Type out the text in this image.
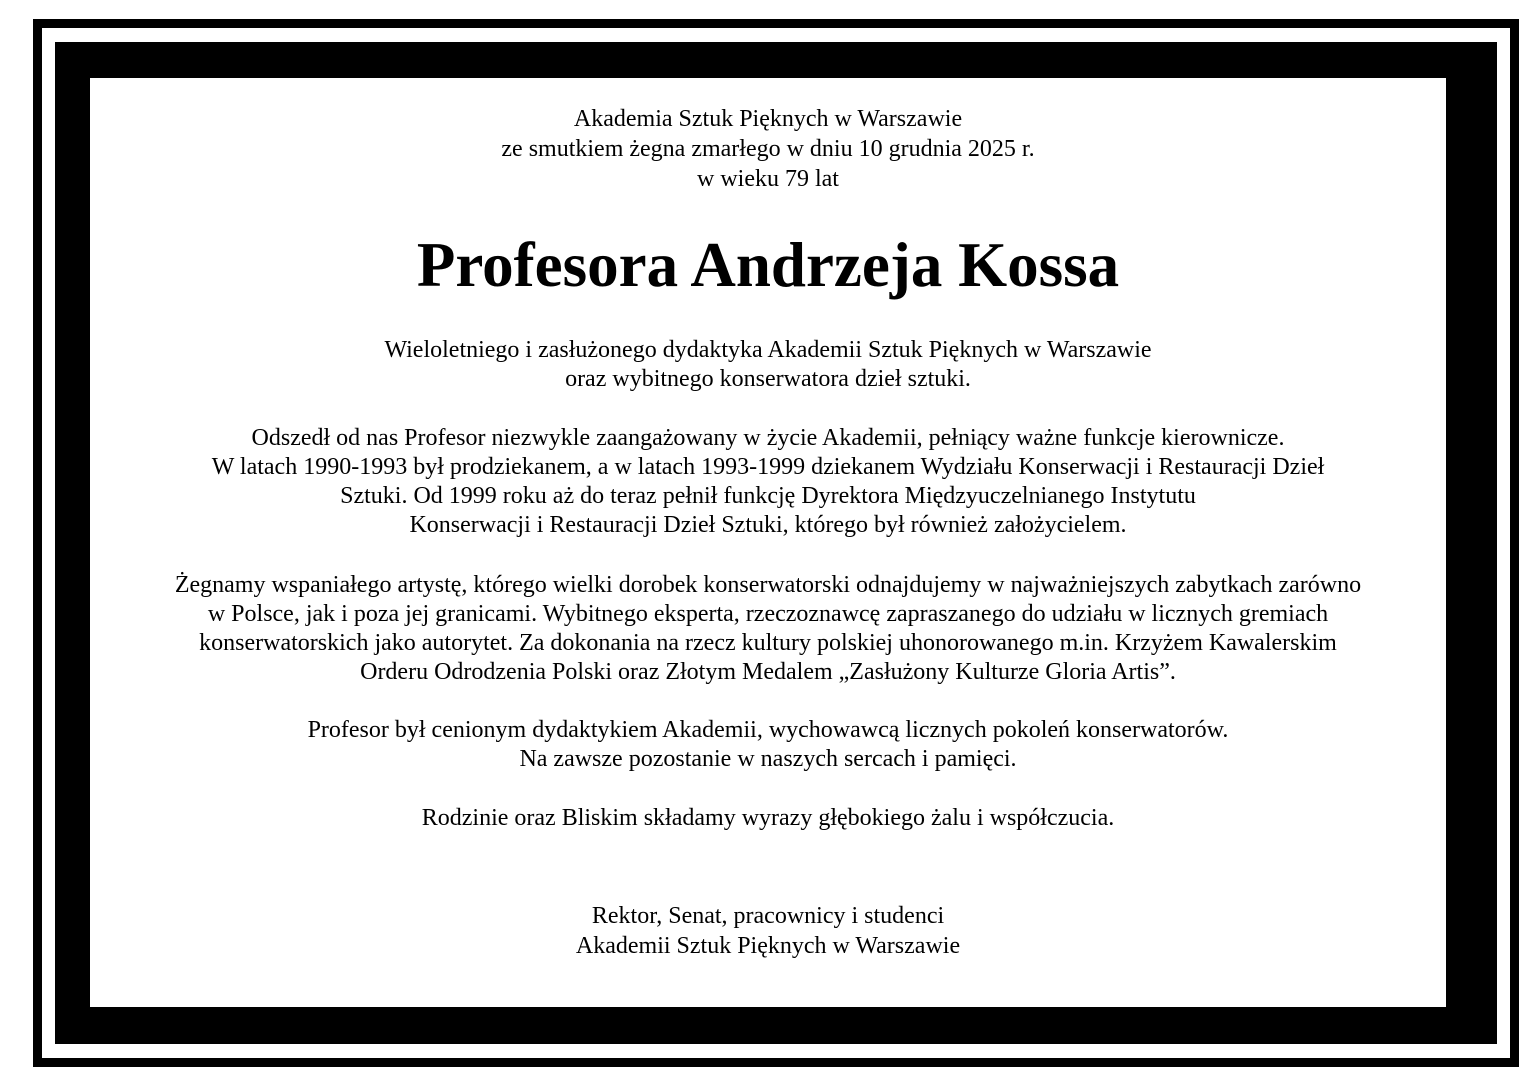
Akademia Sztuk Pięknych w Warszawie
ze smutkiem żegna zmarłego w dniu 10 grudnia 2025 r.
w wieku 79 lat
Profesora Andrzeja Kossa
Wieloletniego i zasłużonego dydaktyka Akademii Sztuk Pięknych w Warszawie
oraz wybitnego konserwatora dzieł sztuki.
Odszedł od nas Profesor niezwykle zaangażowany w życie Akademii, pełniący ważne funkcje kierownicze.
W latach 1990-1993 był prodziekanem, a w latach 1993-1999 dziekanem Wydziału Konserwacji i Restauracji Dzieł
Sztuki. Od 1999 roku aż do teraz pełnił funkcję Dyrektora Międzyuczelnianego Instytutu
Konserwacji i Restauracji Dzieł Sztuki, którego był również założycielem.
Żegnamy wspaniałego artystę, którego wielki dorobek konserwatorski odnajdujemy w najważniejszych zabytkach zarówno
w Polsce, jak i poza jej granicami. Wybitnego eksperta, rzeczoznawcę zapraszanego do udziału w licznych gremiach
konserwatorskich jako autorytet. Za dokonania na rzecz kultury polskiej uhonorowanego m.in. Krzyżem Kawalerskim
Orderu Odrodzenia Polski oraz Złotym Medalem „Zasłużony Kulturze Gloria Artis”.
Profesor był cenionym dydaktykiem Akademii, wychowawcą licznych pokoleń konserwatorów.
Na zawsze pozostanie w naszych sercach i pamięci.
Rodzinie oraz Bliskim składamy wyrazy głębokiego żalu i współczucia.
Rektor, Senat, pracownicy i studenci
Akademii Sztuk Pięknych w Warszawie
